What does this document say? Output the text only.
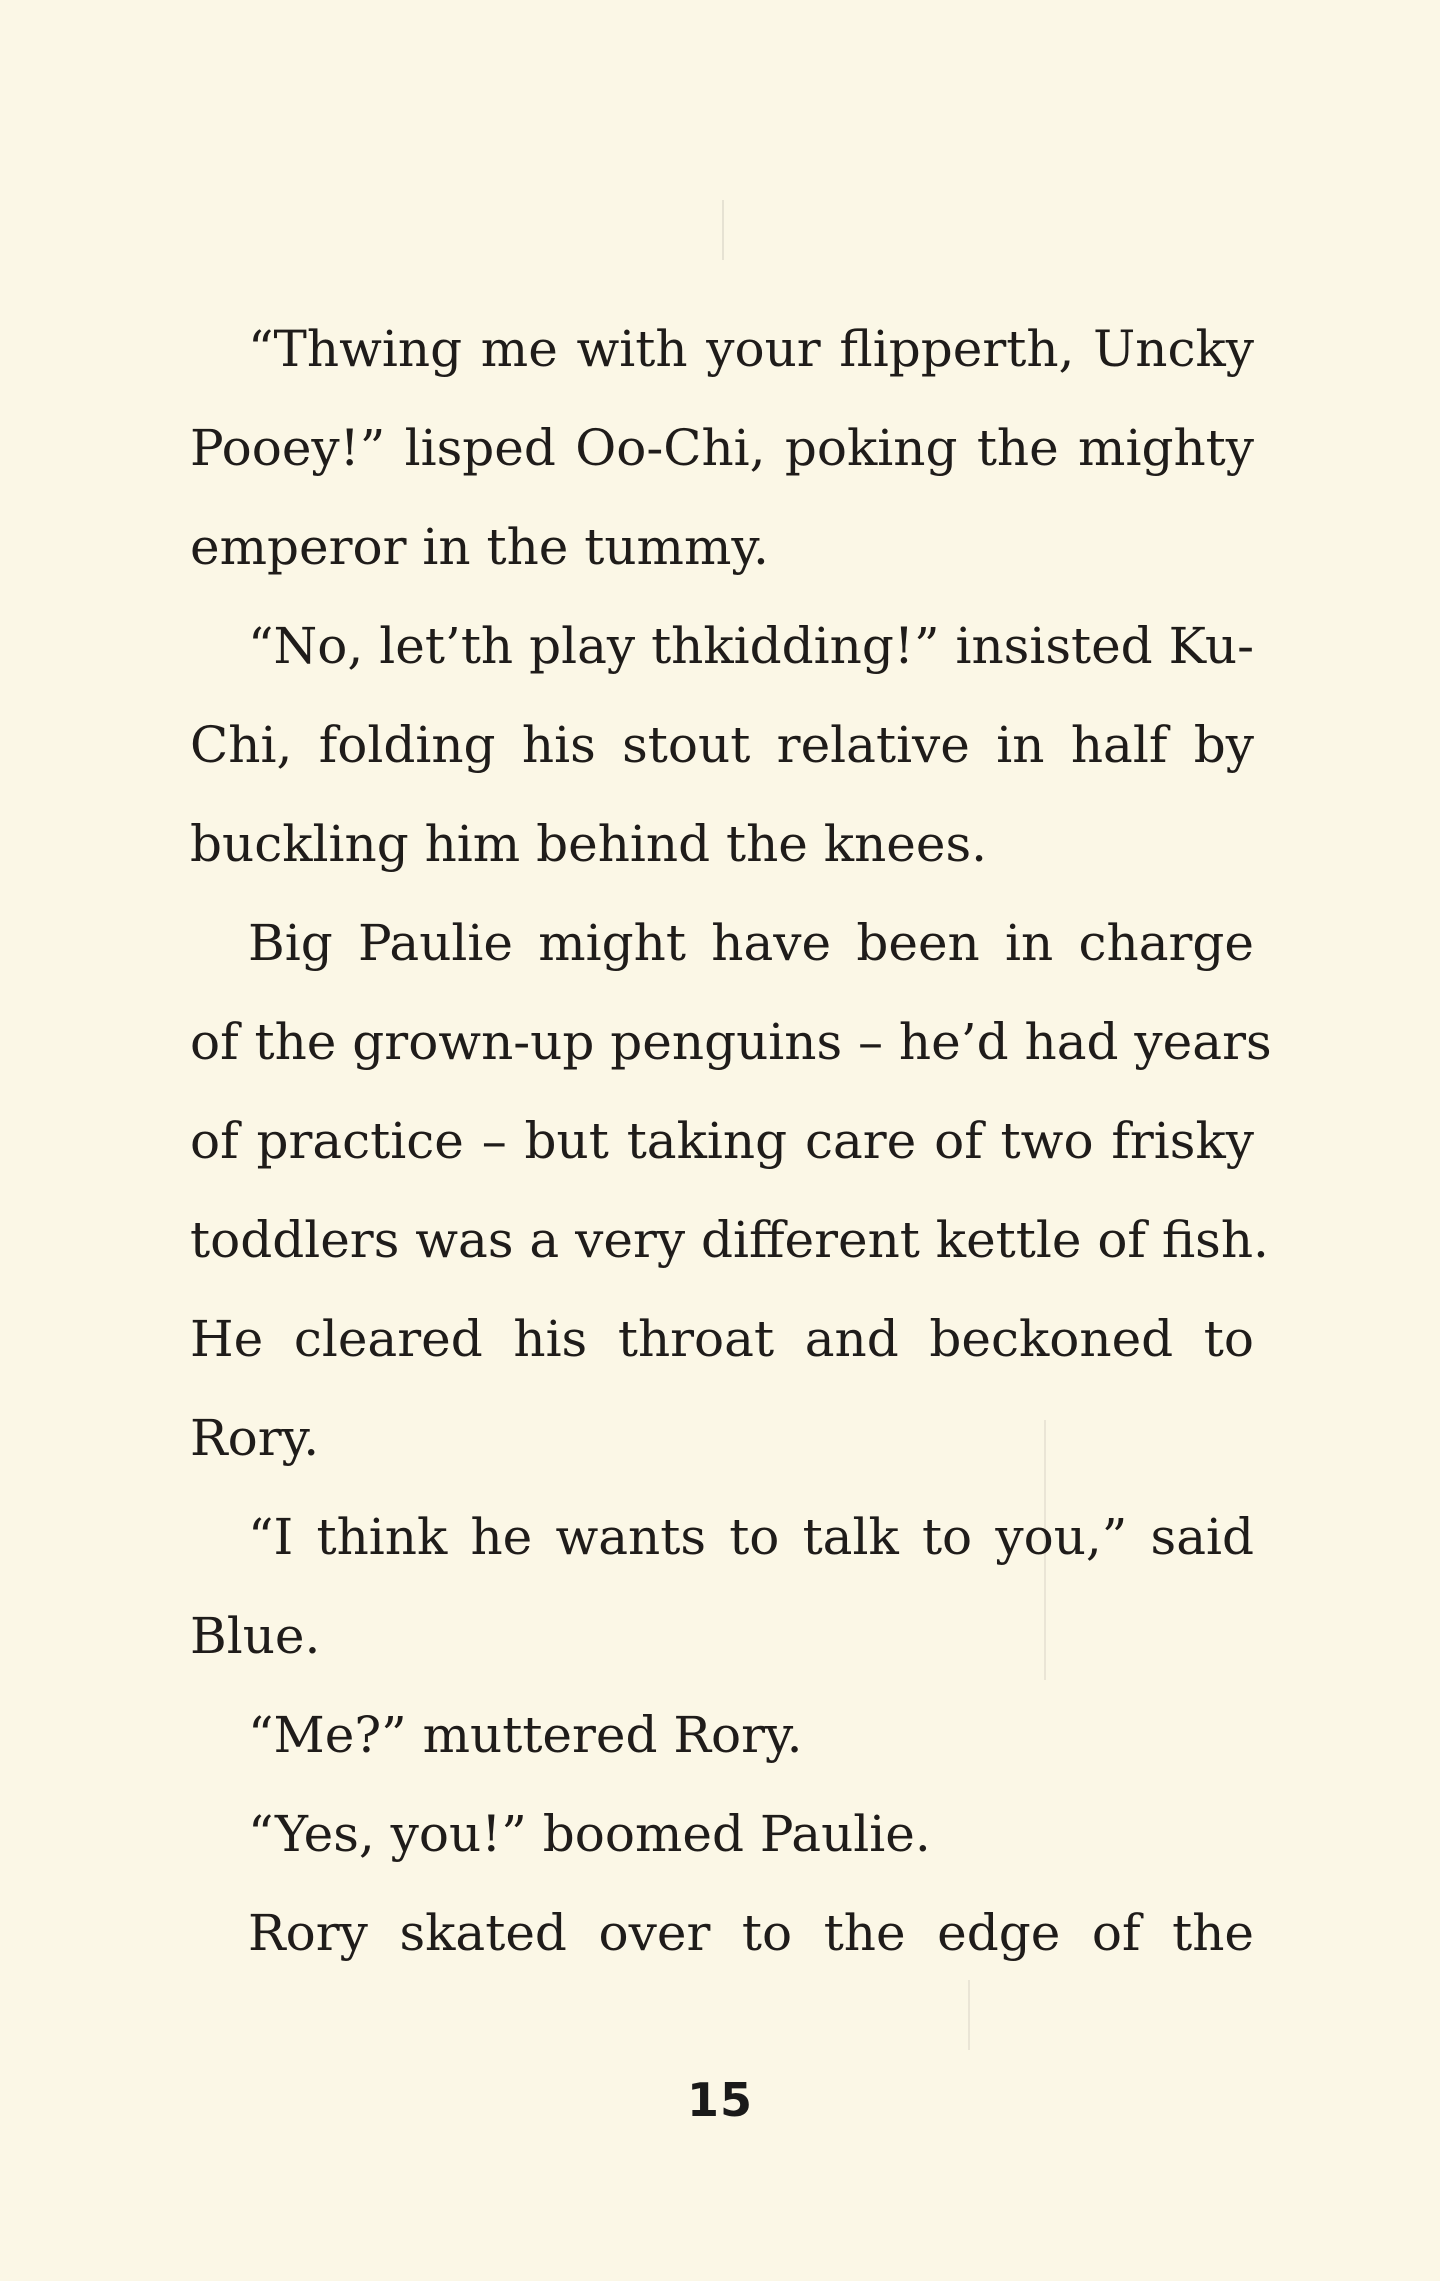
“Thwing me with your flipperth, Uncky

Pooey!” lisped Oo-Chi, poking the mighty

emperor in the tummy.

“No, let’th play thkidding!” insisted Ku-

Chi, folding his stout relative in half by

buckling him behind the knees.

Big Paulie might have been in charge

of the grown-up penguins – he’d had years

of practice – but taking care of two frisky

toddlers was a very different kettle of fish.

He cleared his throat and beckoned to

Rory.

“I think he wants to talk to you,” said

Blue.

“Me?” muttered Rory.

“Yes, you!” boomed Paulie.

Rory skated over to the edge of the

15
